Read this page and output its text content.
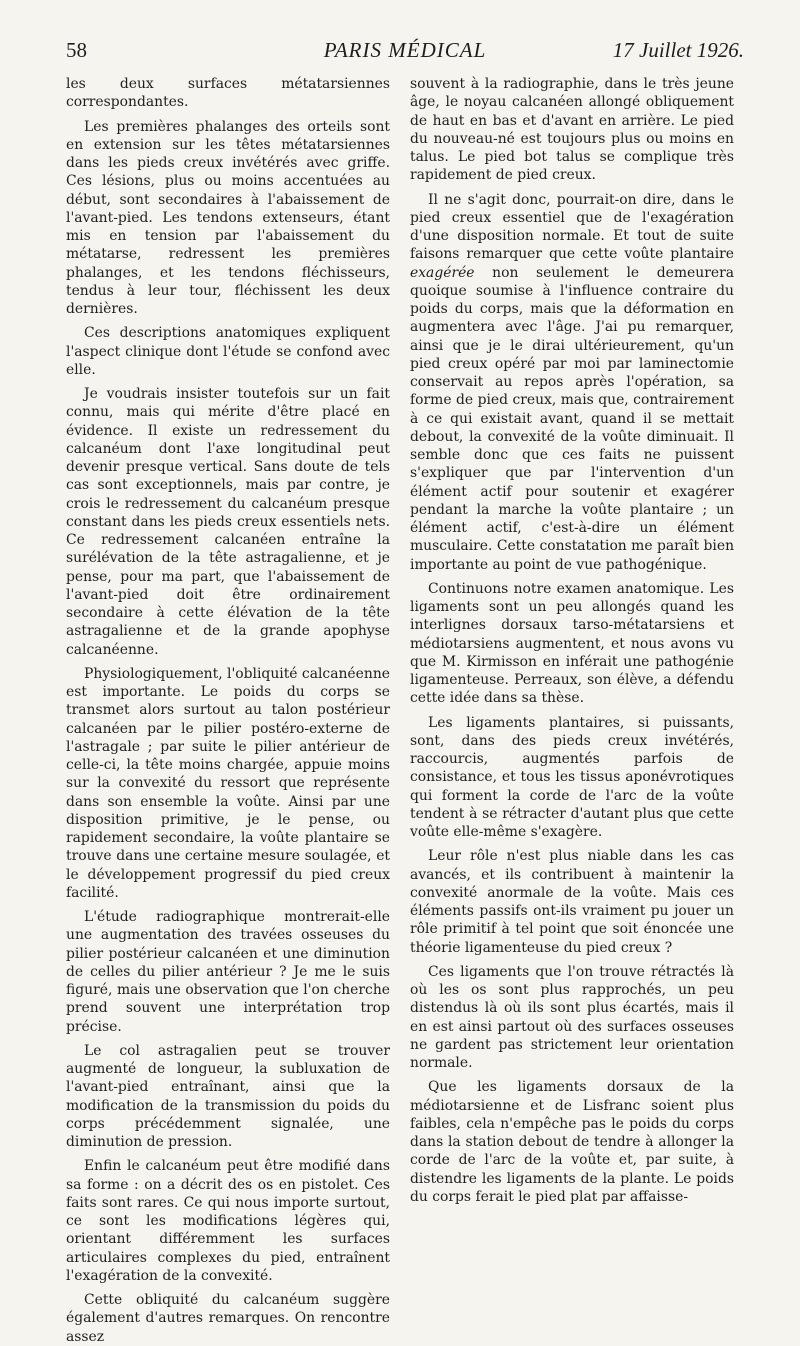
58	PARIS MÉDICAL	17 Juillet 1926.

les deux surfaces métatarsiennes correspondantes.

Les premières phalanges des orteils sont en extension sur les têtes métatarsiennes dans les pieds creux invétérés avec griffe. Ces lésions, plus ou moins accentuées au début, sont secondaires à l'abaissement de l'avant-pied. Les tendons extenseurs, étant mis en tension par l'abaissement du métatarse, redressent les premières phalanges, et les tendons fléchisseurs, tendus à leur tour, fléchissent les deux dernières.

Ces descriptions anatomiques expliquent l'aspect clinique dont l'étude se confond avec elle.

Je voudrais insister toutefois sur un fait connu, mais qui mérite d'être placé en évidence. Il existe un redressement du calcanéum dont l'axe longitudinal peut devenir presque vertical. Sans doute de tels cas sont exceptionnels, mais par contre, je crois le redressement du calcanéum presque constant dans les pieds creux essentiels nets. Ce redressement calcanéen entraîne la surélévation de la tête astragalienne, et je pense, pour ma part, que l'abaissement de l'avant-pied doit être ordinairement secondaire à cette élévation de la tête astragalienne et de la grande apophyse calcanéenne.

Physiologiquement, l'obliquité calcanéenne est importante. Le poids du corps se transmet alors surtout au talon postérieur calcanéen par le pilier postéro-externe de l'astragale ; par suite le pilier antérieur de celle-ci, la tête moins chargée, appuie moins sur la convexité du ressort que représente dans son ensemble la voûte. Ainsi par une disposition primitive, je le pense, ou rapidement secondaire, la voûte plantaire se trouve dans une certaine mesure soulagée, et le développement progressif du pied creux facilité.

L'étude radiographique montrerait-elle une augmentation des travées osseuses du pilier postérieur calcanéen et une diminution de celles du pilier antérieur ? Je me le suis figuré, mais une observation que l'on cherche prend souvent une interprétation trop précise.

Le col astragalien peut se trouver augmenté de longueur, la subluxation de l'avant-pied entraînant, ainsi que la modification de la transmission du poids du corps précédemment signalée, une diminution de pression.

Enfin le calcanéum peut être modifié dans sa forme : on a décrit des os en pistolet. Ces faits sont rares. Ce qui nous importe surtout, ce sont les modifications légères qui, orientant différemment les surfaces articulaires complexes du pied, entraînent l'exagération de la convexité.

Cette obliquité du calcanéum suggère également d'autres remarques. On rencontre assez

souvent à la radiographie, dans le très jeune âge, le noyau calcanéen allongé obliquement de haut en bas et d'avant en arrière. Le pied du nouveau-né est toujours plus ou moins en talus. Le pied bot talus se complique très rapidement de pied creux.

Il ne s'agit donc, pourrait-on dire, dans le pied creux essentiel que de l'exagération d'une disposition normale. Et tout de suite faisons remarquer que cette voûte plantaire exagérée non seulement le demeurera quoique soumise à l'influence contraire du poids du corps, mais que la déformation en augmentera avec l'âge. J'ai pu remarquer, ainsi que je le dirai ultérieurement, qu'un pied creux opéré par moi par laminectomie conservait au repos après l'opération, sa forme de pied creux, mais que, contrairement à ce qui existait avant, quand il se mettait debout, la convexité de la voûte diminuait. Il semble donc que ces faits ne puissent s'expliquer que par l'intervention d'un élément actif pour soutenir et exagérer pendant la marche la voûte plantaire ; un élément actif, c'est-à-dire un élément musculaire. Cette constatation me paraît bien importante au point de vue pathogénique.

Continuons notre examen anatomique. Les ligaments sont un peu allongés quand les interlignes dorsaux tarso-métatarsiens et médiotarsiens augmentent, et nous avons vu que M. Kirmisson en inférait une pathogénie ligamenteuse. Perreaux, son élève, a défendu cette idée dans sa thèse.

Les ligaments plantaires, si puissants, sont, dans des pieds creux invétérés, raccourcis, augmentés parfois de consistance, et tous les tissus aponévrotiques qui forment la corde de l'arc de la voûte tendent à se rétracter d'autant plus que cette voûte elle-même s'exagère.

Leur rôle n'est plus niable dans les cas avancés, et ils contribuent à maintenir la convexité anormale de la voûte. Mais ces éléments passifs ont-ils vraiment pu jouer un rôle primitif à tel point que soit énoncée une théorie ligamenteuse du pied creux ?

Ces ligaments que l'on trouve rétractés là où les os sont plus rapprochés, un peu distendus là où ils sont plus écartés, mais il en est ainsi partout où des surfaces osseuses ne gardent pas strictement leur orientation normale.

Que les ligaments dorsaux de la médiotarsienne et de Lisfranc soient plus faibles, cela n'empêche pas le poids du corps dans la station debout de tendre à allonger la corde de l'arc de la voûte et, par suite, à distendre les ligaments de la plante. Le poids du corps ferait le pied plat par affaisse-
